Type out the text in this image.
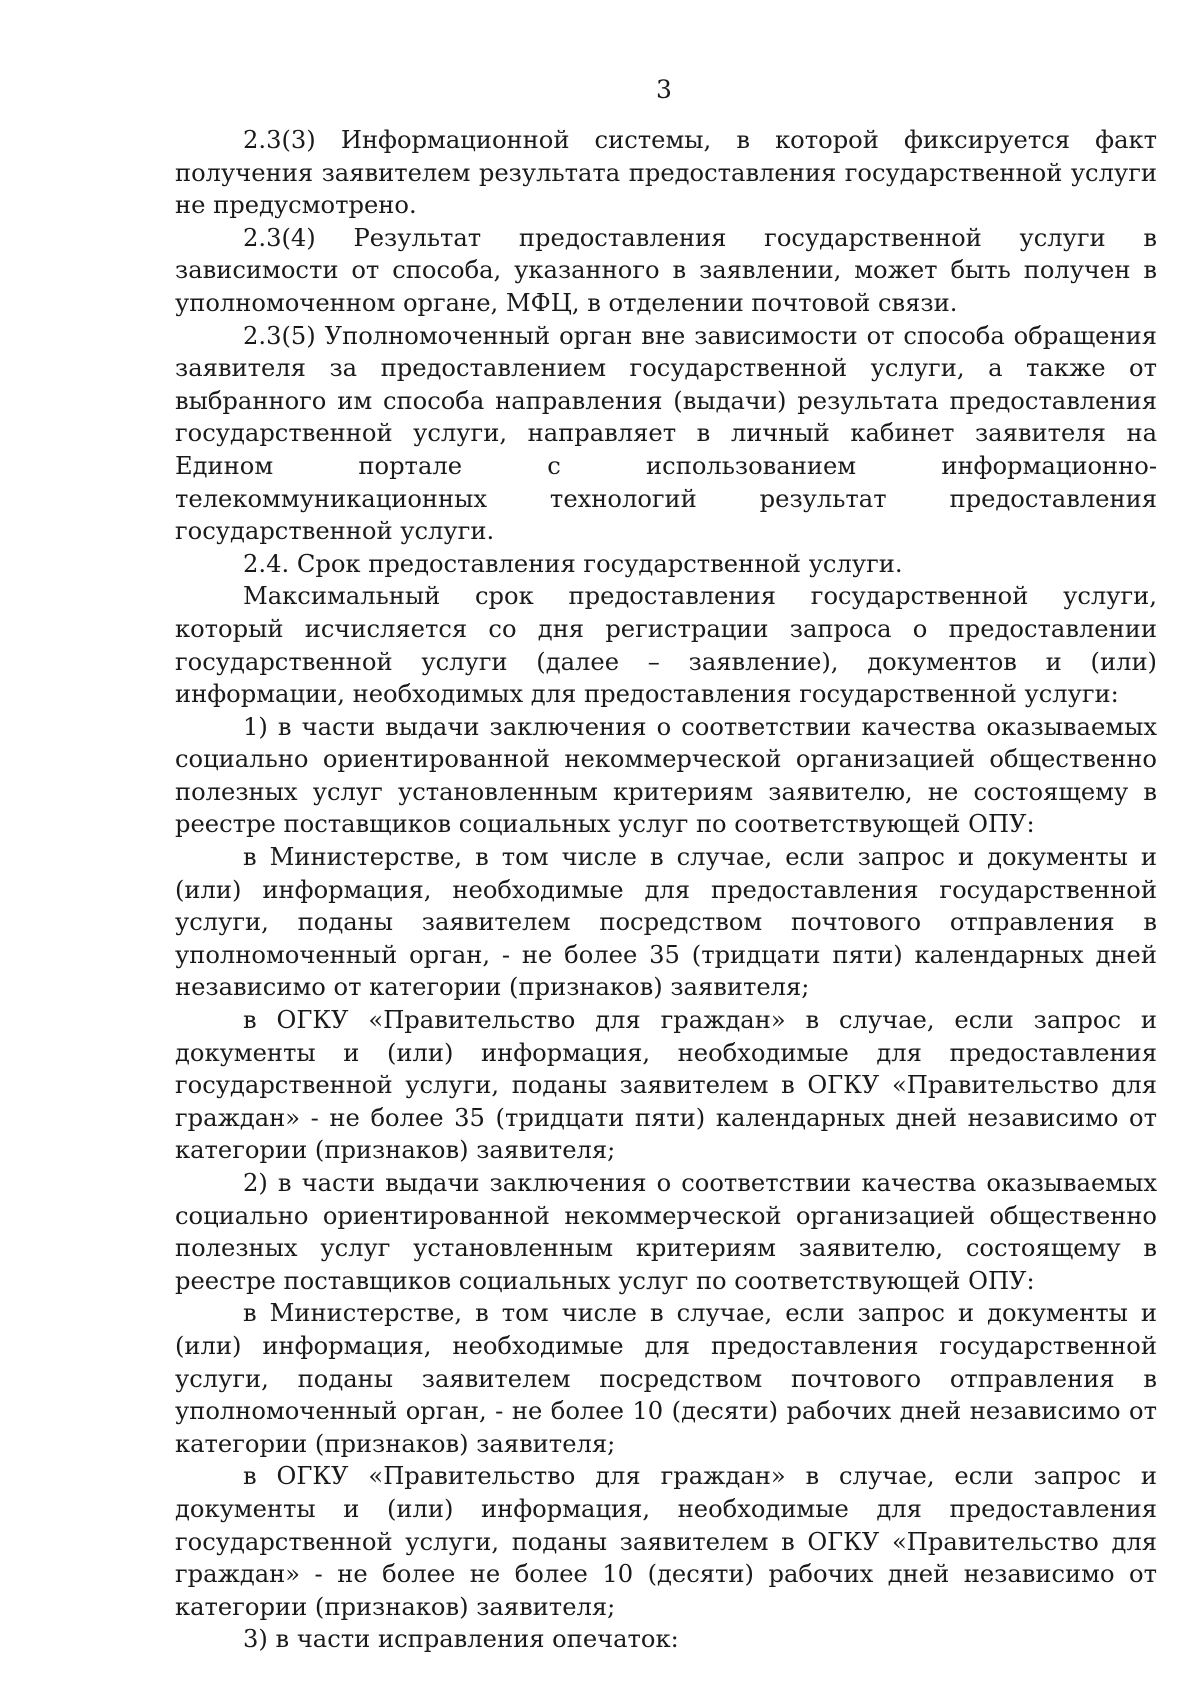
3

2.3(3) Информационной системы, в которой фиксируется факт получения заявителем результата предоставления государственной услуги не предусмотрено.

2.3(4) Результат предоставления государственной услуги в зависимости от способа, указанного в заявлении, может быть получен в уполномоченном органе, МФЦ, в отделении почтовой связи.

2.3(5) Уполномоченный орган вне зависимости от способа обращения заявителя за предоставлением государственной услуги, а также от выбранного им способа направления (выдачи) результата предоставления государственной услуги, направляет в личный кабинет заявителя на Едином портале с использованием информационно-телекоммуникационных технологий результат предоставления государственной услуги.

2.4. Срок предоставления государственной услуги.

Максимальный срок предоставления государственной услуги, который исчисляется со дня регистрации запроса о предоставлении государственной услуги (далее – заявление), документов и (или) информации, необходимых для предоставления государственной услуги:

1) в части выдачи заключения о соответствии качества оказываемых социально ориентированной некоммерческой организацией общественно полезных услуг установленным критериям заявителю, не состоящему в реестре поставщиков социальных услуг по соответствующей ОПУ:

в Министерстве, в том числе в случае, если запрос и документы и (или) информация, необходимые для предоставления государственной услуги, поданы заявителем посредством почтового отправления в уполномоченный орган, - не более 35 (тридцати пяти) календарных дней независимо от категории (признаков) заявителя;

в ОГКУ «Правительство для граждан» в случае, если запрос и документы и (или) информация, необходимые для предоставления государственной услуги, поданы заявителем в ОГКУ «Правительство для граждан» - не более 35 (тридцати пяти) календарных дней независимо от категории (признаков) заявителя;

2) в части выдачи заключения о соответствии качества оказываемых социально ориентированной некоммерческой организацией общественно полезных услуг установленным критериям заявителю, состоящему в реестре поставщиков социальных услуг по соответствующей ОПУ:

в Министерстве, в том числе в случае, если запрос и документы и (или) информация, необходимые для предоставления государственной услуги, поданы заявителем посредством почтового отправления в уполномоченный орган, - не более 10 (десяти) рабочих дней независимо от категории (признаков) заявителя;

в ОГКУ «Правительство для граждан» в случае, если запрос и документы и (или) информация, необходимые для предоставления государственной услуги, поданы заявителем в ОГКУ «Правительство для граждан» - не более не более 10 (десяти) рабочих дней независимо от категории (признаков) заявителя;

3) в части исправления опечаток:
